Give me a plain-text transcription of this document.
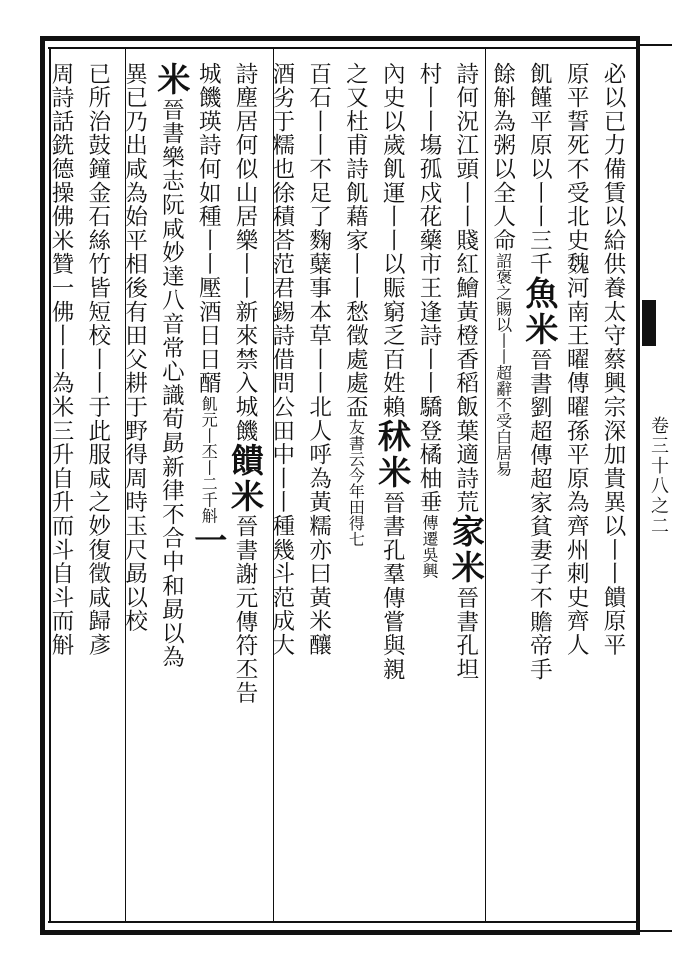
卷三十八之二
必以已力備賃以給供養太守蔡興宗深加貴異以丨丨饋原平
原平誓死不受北史魏河南王曜傳曜孫平原為齊州刺史齊人
飢饉平原以丨丨三千魚米晉書劉超傳超家貧妻子不贍帝手
餘斛為粥以全人命詔褒之賜以丨丨超辭不受白居易
詩何況江頭丨丨賤紅鱠黃橙香稻飯葉適詩荒家米晉書孔坦
村丨丨塲孤戍花藥市王逢詩丨丨驕登橘柚垂傳遷吳興
內史以歲飢運丨丨以賑窮乏百姓賴秫米晉書孔羣傳嘗與親
之又杜甫詩飢藉家丨丨愁徵處處盃友書云今年田得七
百石丨丨不足了麴糵事本草丨丨北人呼為黃糯亦曰黃米釀
酒劣于糯也徐積荅范君錫詩借問公田中丨丨種幾斗范成大
詩塵居何似山居樂丨丨新來禁入城饑饋米晉書謝元傳符丕告
城饑瑛詩何如種丨丨壓酒日日醑飢元丨丕丨二千斛一
米晉書樂志阮咸妙達八音常心識荀勗新律不合中和勗以為
異已乃出咸為始平相後有田父耕于野得周時玉尺勗以校
已所治鼓鐘金石絲竹皆短校丨丨于此服咸之妙復徵咸歸彥
周詩話銑德操佛米贊一佛丨丨為米三升自升而斗自斗而斛
